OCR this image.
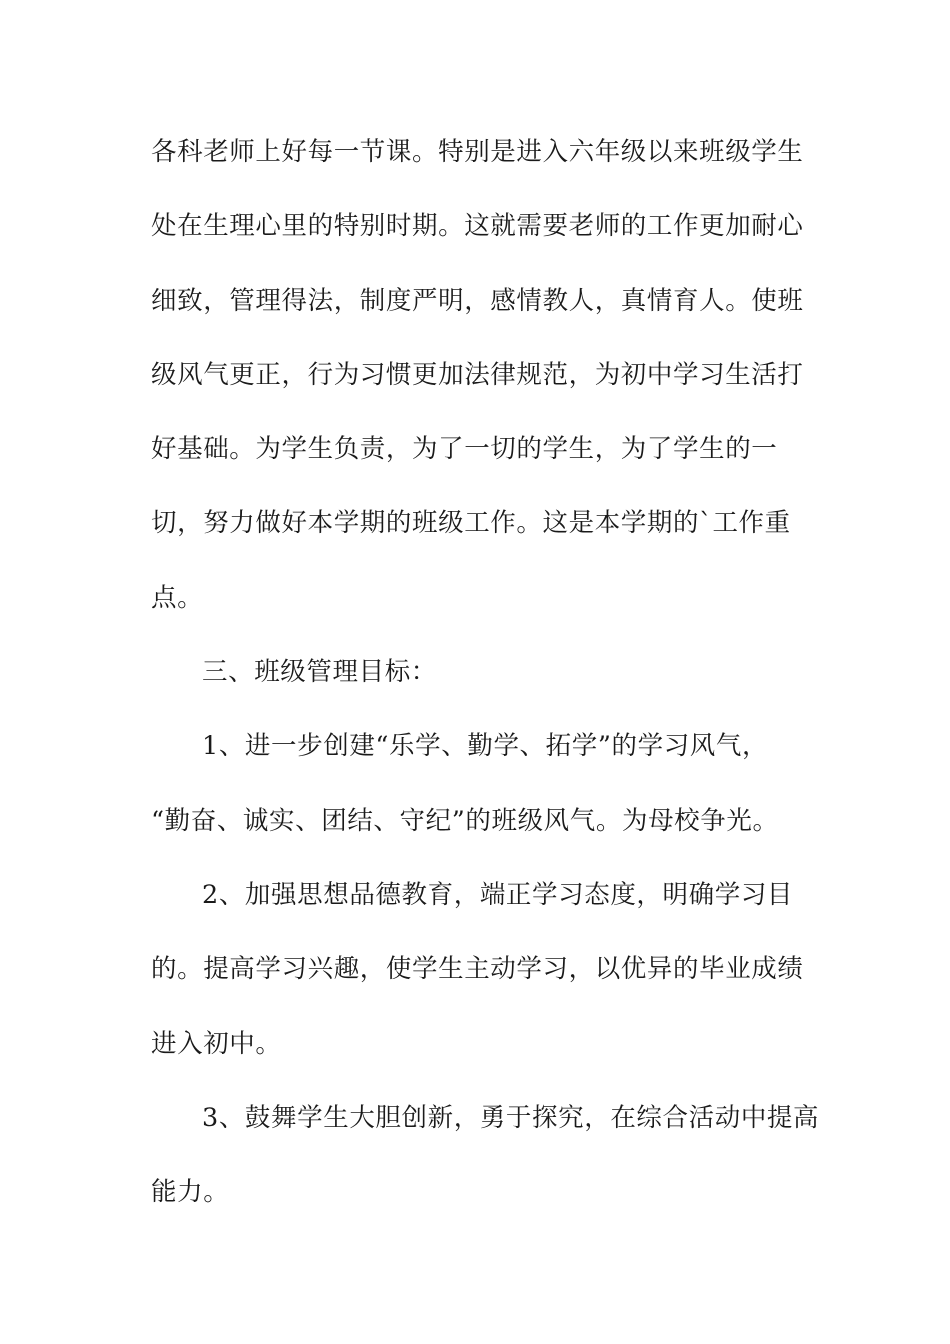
各科老师上好每一节课。特别是进入六年级以来班级学生
处在生理心里的特别时期。这就需要老师的工作更加耐心
细致，管理得法，制度严明，感情教人，真情育人。使班
级风气更正，行为习惯更加法律规范，为初中学习生活打
好基础。为学生负责，为了一切的学生，为了学生的一
切，努力做好本学期的班级工作。这是本学期的`工作重
点。
三、班级管理目标：
1、进一步创建“乐学、勤学、拓学”的学习风气，
“勤奋、诚实、团结、守纪”的班级风气。为母校争光。
2、加强思想品德教育，端正学习态度，明确学习目
的。提高学习兴趣，使学生主动学习，以优异的毕业成绩
进入初中。
3、鼓舞学生大胆创新，勇于探究，在综合活动中提高
能力。
